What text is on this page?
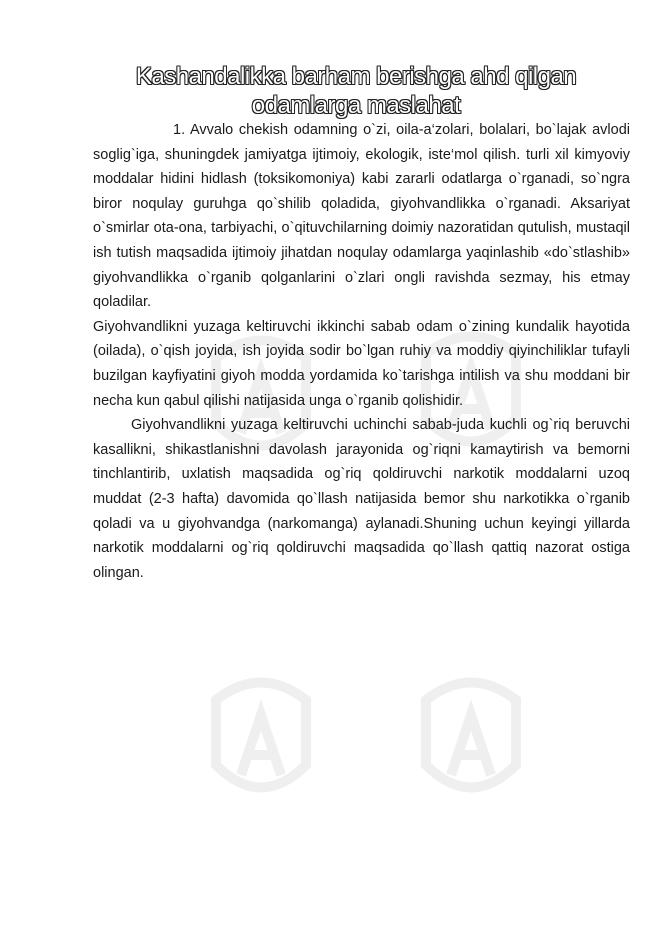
Kashandalikka barham berishga ahd qilgan odamlarga maslahat

1. Avvalo chekish odamning o`zi, oila-a‘zolari, bolalari, bo`lajak avlodi soglig`iga, shuningdek jamiyatga ijtimoiy, ekologik, iste‘mol qilish. turli xil kimyoviy moddalar hidini hidlash (toksikomoniya) kabi zararli odatlarga o`rganadi, so`ngra biror noqulay guruhga qo`shilib qoladida, giyohvandlikka o`rganadi. Aksariyat o`smirlar ota-ona, tarbiyachi, o`qituvchilarning doimiy nazoratidan qutulish, mustaqil ish tutish maqsadida ijtimoiy jihatdan noqulay odamlarga yaqinlashib «do`stlashib» giyohvandlikka o`rganib qolganlarini o`zlari ongli ravishda sezmay, his etmay qoladilar.

Giyohvandlikni yuzaga keltiruvchi ikkinchi sabab odam o`zining kundalik hayotida (oilada), o`qish joyida, ish joyida sodir bo`lgan ruhiy va moddiy qiyinchiliklar tufayli buzilgan kayfiyatini giyoh modda yordamida ko`tarishga intilish va shu moddani bir necha kun qabul qilishi natijasida unga o`rganib qolishidir.

Giyohvandlikni yuzaga keltiruvchi uchinchi sabab-juda kuchli og`riq beruvchi kasallikni, shikastlanishni davolash jarayonida og`riqni kamaytirish va bemorni tinchlantirib, uxlatish maqsadida og`riq qoldiruvchi narkotik moddalarni uzoq muddat (2-3 hafta) davomida qo`llash natijasida bemor shu narkotikka o`rganib qoladi va u giyohvandga (narkomanga) aylanadi.Shuning uchun keyingi yillarda narkotik moddalarni og`riq qoldiruvchi maqsadida qo`llash qattiq nazorat ostiga olingan.
